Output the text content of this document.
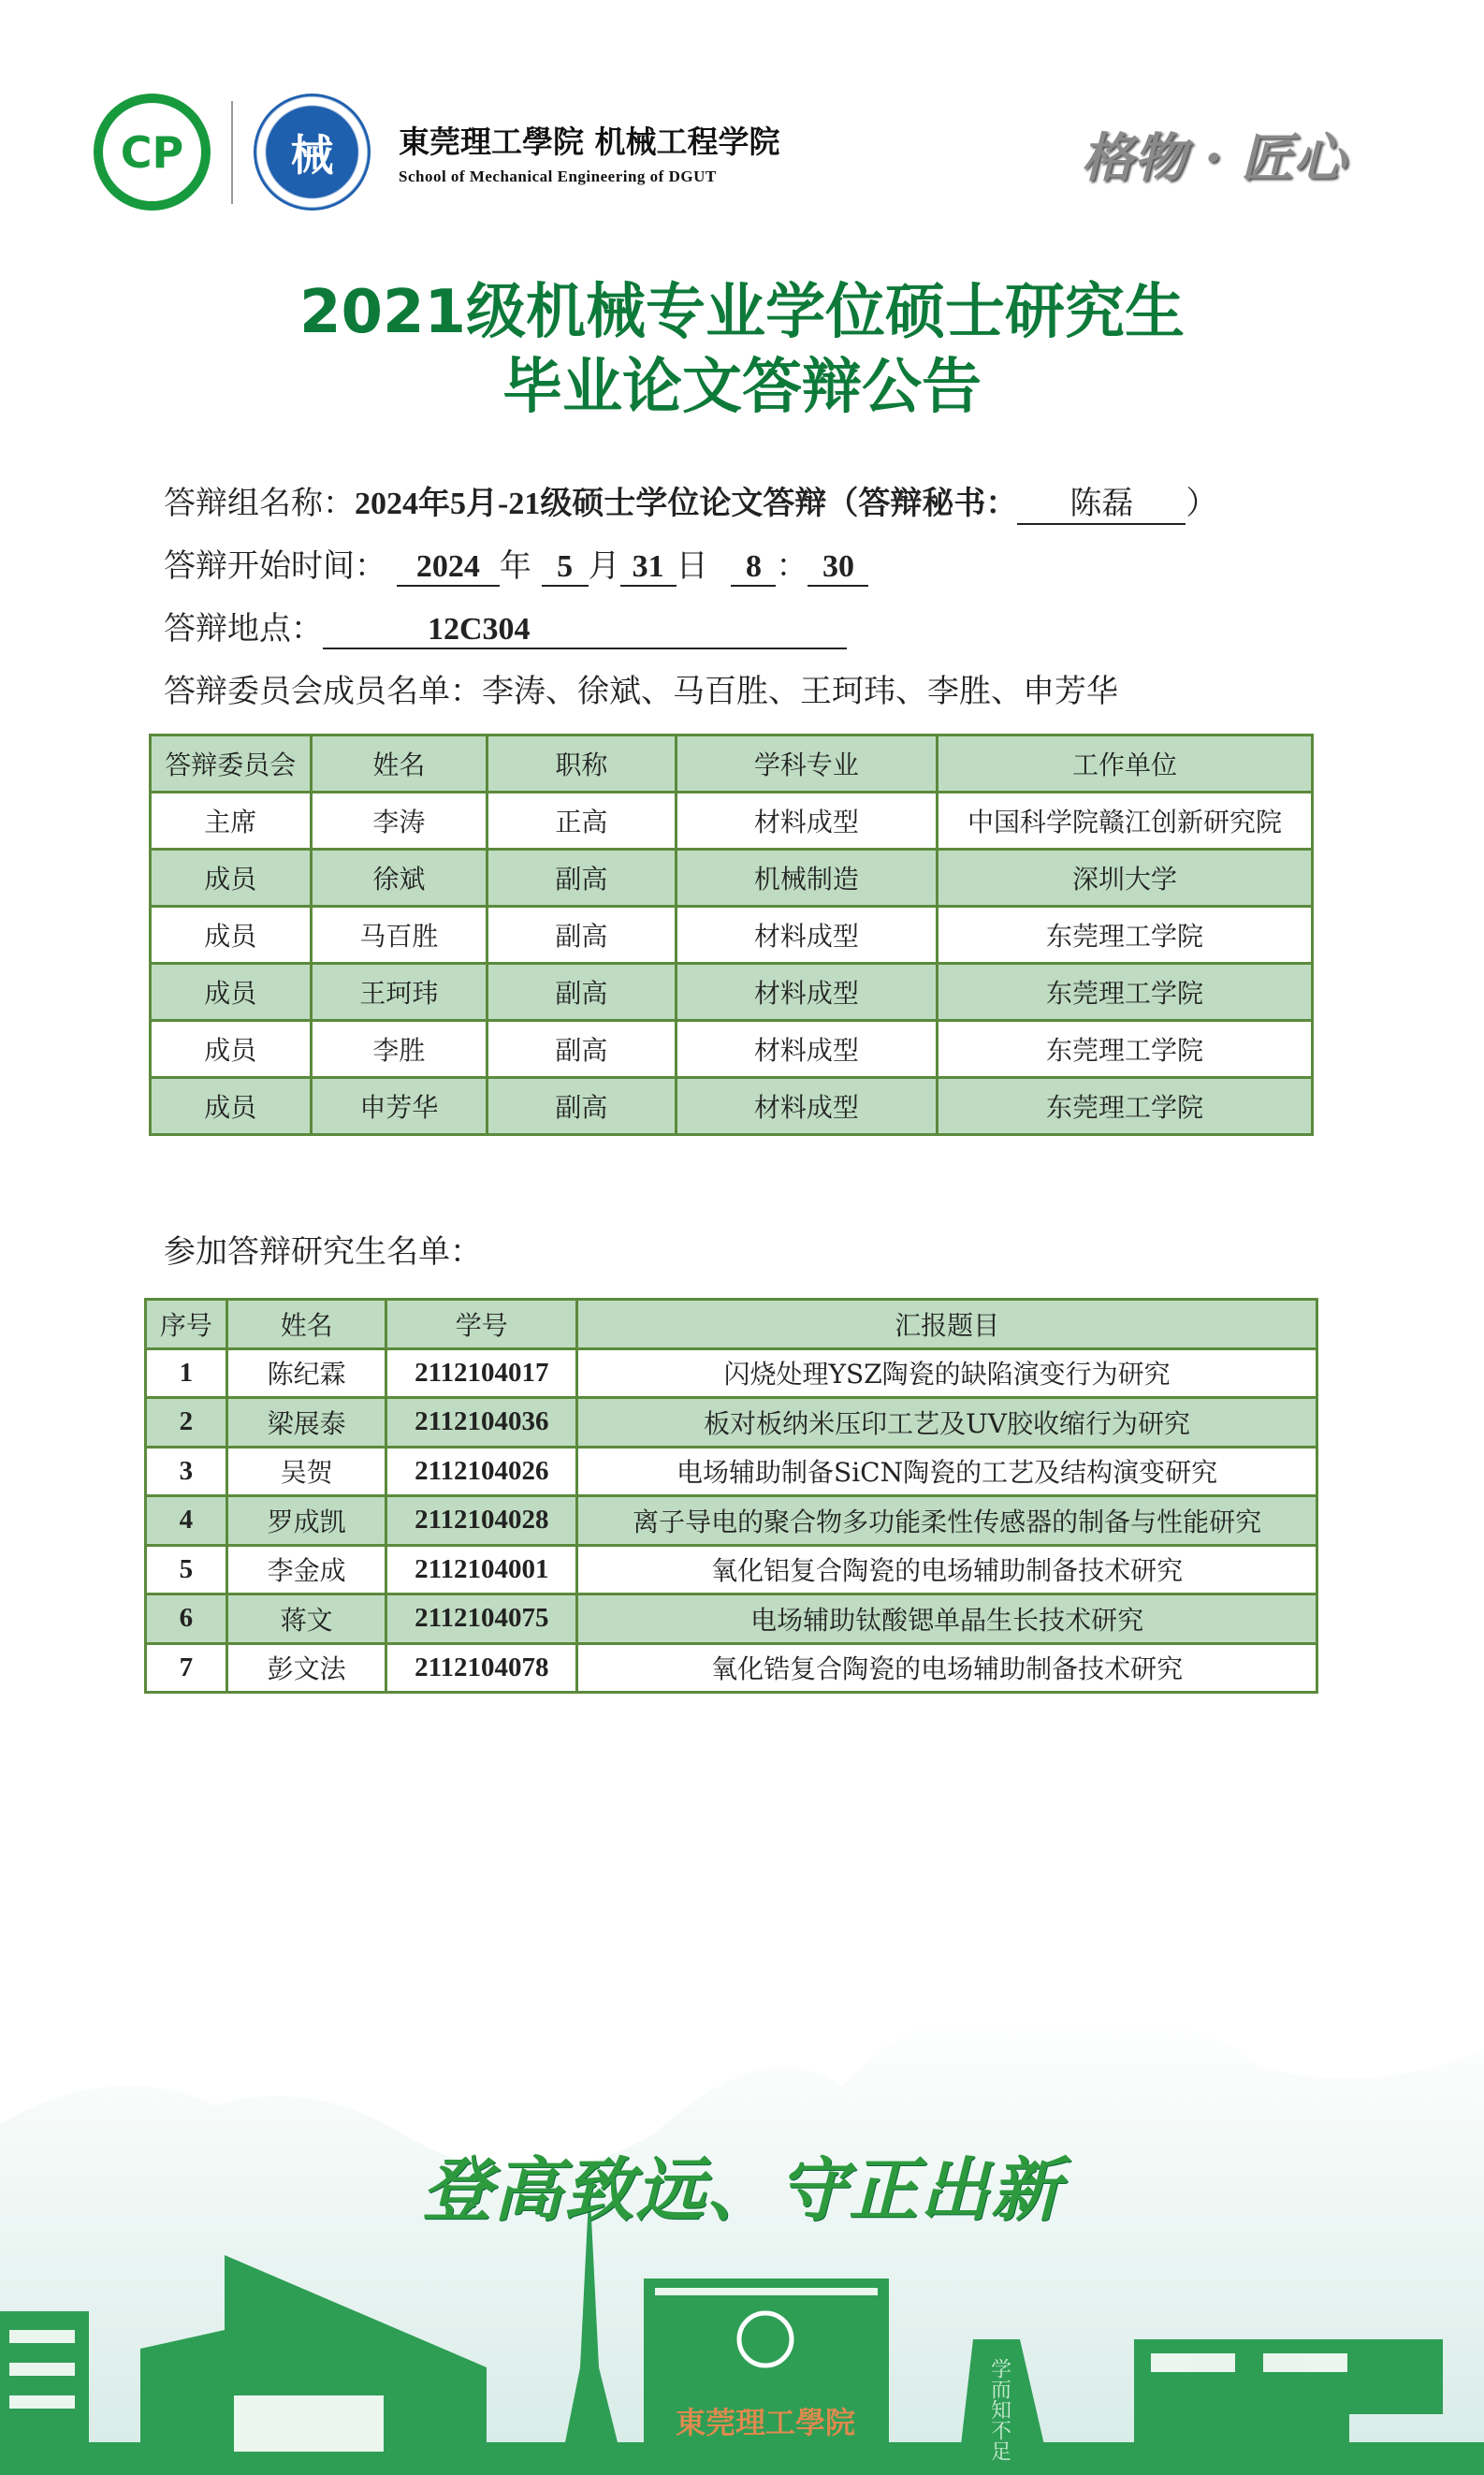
CP 械 東莞理工學院 机械工程学院
School of Mechanical Engineering of DGUT	格物 · 匠心
2021级机械专业学位硕士研究生
毕业论文答辩公告
答辩组名称：2024年5月-21级硕士学位论文答辩（答辩秘书： 陈磊 ）
答辩开始时间： 2024 年 5 月 31 日 8 ： 30
答辩地点：	12C304
答辩委员会成员名单：李涛、徐斌、马百胜、王珂玮、李胜、申芳华
答辩委员会	姓名	职称	学科专业	工作单位
主席	李涛	正高	材料成型	中国科学院赣江创新研究院
成员	徐斌	副高	机械制造	深圳大学
成员	马百胜	副高	材料成型	东莞理工学院
成员	王珂玮	副高	材料成型	东莞理工学院
成员	李胜	副高	材料成型	东莞理工学院
成员	申芳华	副高	材料成型	东莞理工学院
参加答辩研究生名单：
序号	姓名	学号	汇报题目
1	陈纪霖	2112104017	闪烧处理YSZ陶瓷的缺陷演变行为研究
2	梁展泰	2112104036	板对板纳米压印工艺及UV胶收缩行为研究
3	吴贺	2112104026	电场辅助制备SiCN陶瓷的工艺及结构演变研究
4	罗成凯	2112104028	离子导电的聚合物多功能柔性传感器的制备与性能研究
5	李金成	2112104001	氧化铝复合陶瓷的电场辅助制备技术研究
6	蒋文	2112104075	电场辅助钛酸锶单晶生长技术研究
7	彭文法	2112104078	氧化锆复合陶瓷的电场辅助制备技术研究
東莞理工學院	学而知不足
登高致远、守正出新
